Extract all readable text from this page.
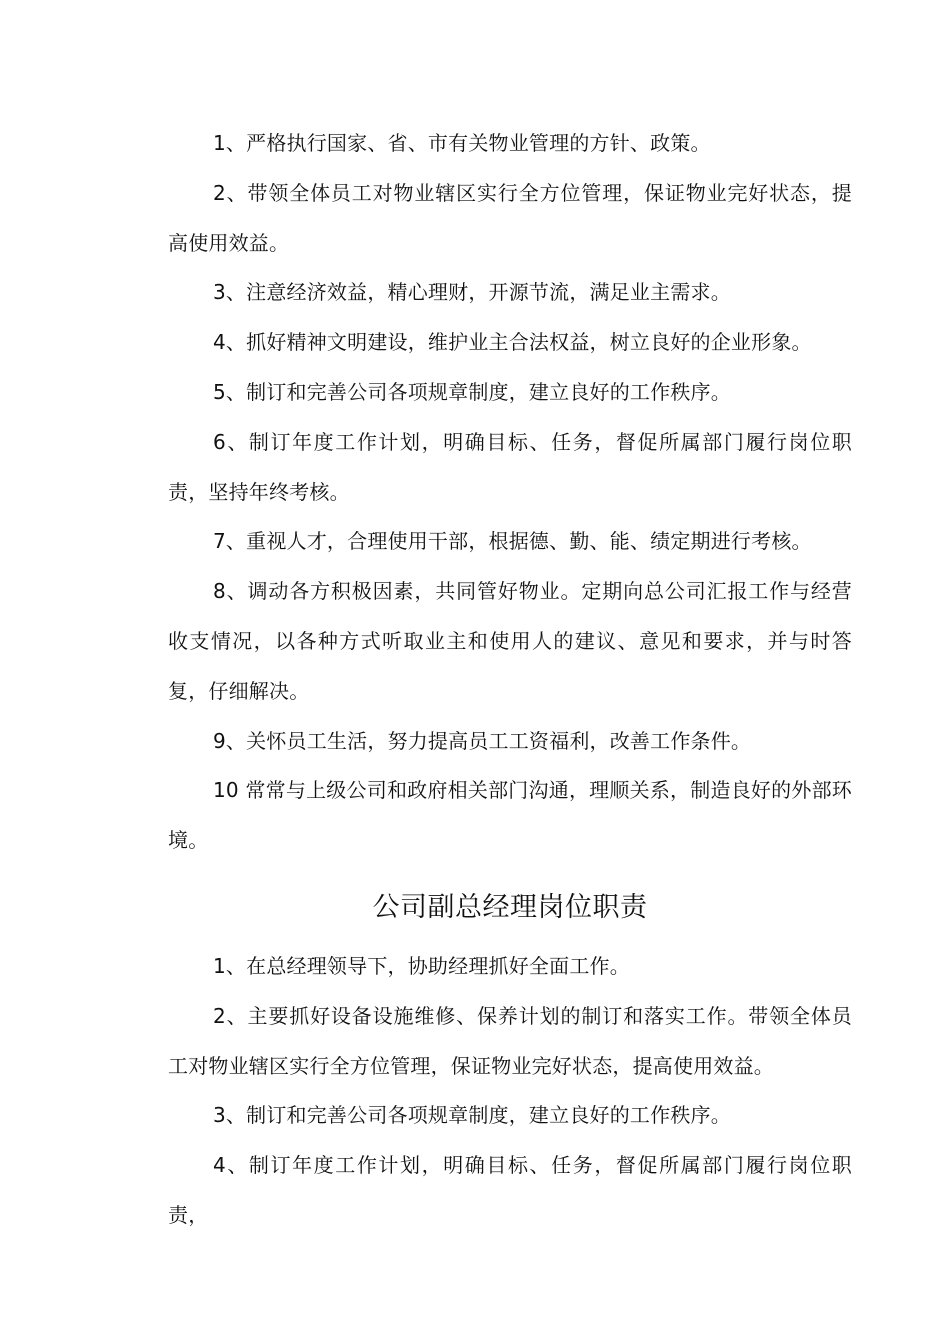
1、严格执行国家、省、市有关物业管理的方针、政策。

2、带领全体员工对物业辖区实行全方位管理，保证物业完好状态，提高使用效益。

3、注意经济效益，精心理财，开源节流，满足业主需求。

4、抓好精神文明建设，维护业主合法权益，树立良好的企业形象。

5、制订和完善公司各项规章制度，建立良好的工作秩序。

6、制订年度工作计划，明确目标、任务，督促所属部门履行岗位职责，坚持年终考核。

7、重视人才，合理使用干部，根据德、勤、能、绩定期进行考核。

8、调动各方积极因素，共同管好物业。定期向总公司汇报工作与经营收支情况，以各种方式听取业主和使用人的建议、意见和要求，并与时答复，仔细解决。

9、关怀员工生活，努力提高员工工资福利，改善工作条件。

10 常常与上级公司和政府相关部门沟通，理顺关系，制造良好的外部环境。

公司副总经理岗位职责

1、在总经理领导下，协助经理抓好全面工作。

2、主要抓好设备设施维修、保养计划的制订和落实工作。带领全体员工对物业辖区实行全方位管理，保证物业完好状态，提高使用效益。

3、制订和完善公司各项规章制度，建立良好的工作秩序。

4、制订年度工作计划，明确目标、任务，督促所属部门履行岗位职责，
